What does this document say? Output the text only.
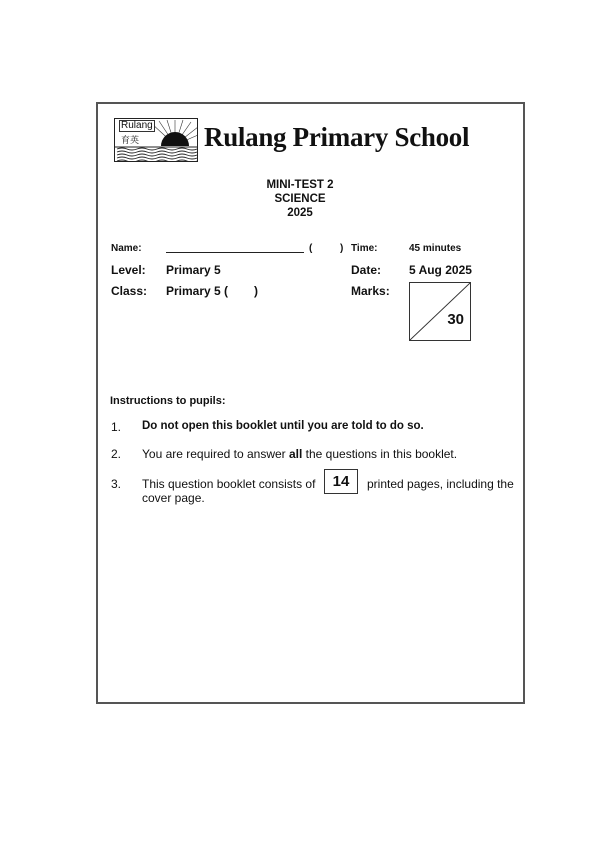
Rulang
育英 Rulang Primary School
MINI-TEST 2
SCIENCE
2025
Name:	(	) Time:	45 minutes
Level: Primary 5	Date: 5 Aug 2025
Class: Primary 5 ( )	Marks:
30
Instructions to pupils:
1. Do not open this booklet until you are told to do so.
2. You are required to answer all the questions in this booklet.
3. This question booklet consists of	14	printed pages, including the
cover page.
